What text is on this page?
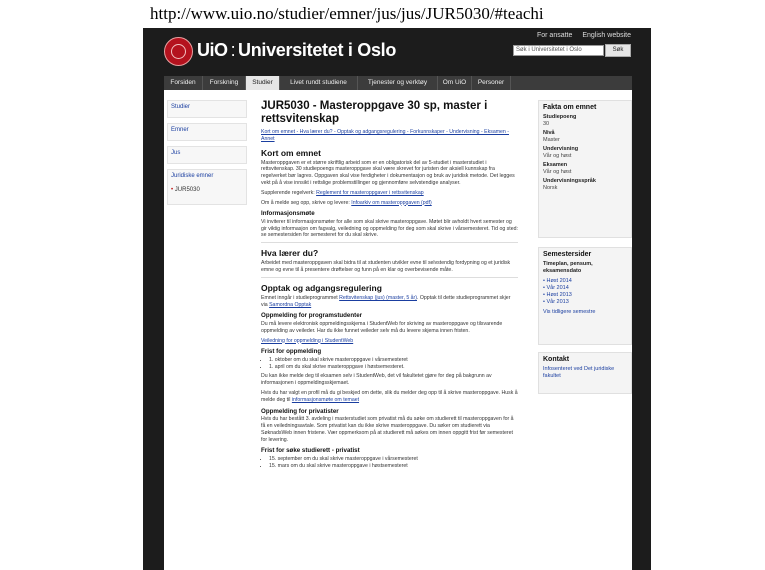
http://www.uio.no/studier/emner/jus/jus/JUR5030/#teachi
UiO : Universitetet i Oslo
For ansatte English website
Søk i Universitetet i Oslo	Søk
Forsiden	Forskning	Studier	Livet rundt studiene	Tjenester og verktøy	Om UiO	Personer
Studier
Emner
Jus
Juridiske emner
• JUR5030
JUR5030 - Masteroppgave 30 sp, master i rettsvitenskap

Kort om emnet - Hva lærer du? - Opptak og adgangsregulering - Forkunnskaper - Undervisning - Eksamen - Annet

Kort om emnet

Masteroppgaven er et større skriftlig arbeid som er en obligatorisk del av 5-studiet i masterstudiet i rettsvitenskap. 30 studiepoengs masteroppgave skal være skrevet for juristen der aksiell kunnskap fra regelverket bør lagres. Oppgaven skal vise ferdigheter i dokumentasjon og bruk av juridisk metode. Det legges vekt på å vise innsikt i rettslige problemstillinger og gjennomføre selvstendige analyser.

Supplerende regelverk: Reglement for masteroppgaver i rettsvitenskap

Om å melde seg opp, skrive og levere: Infoarkiv om masteroppgaven (pdf)

Informasjonsmøte

Vi inviterer til informasjonsmøter for alle som skal skrive masteroppgave. Møtet blir avholdt hvert semester og gir viktig informasjon om fagvalg, veiledning og oppmelding for deg som skal skrive i vårsemesteret. Tid og sted: se semestersiden for semesteret for du skal skrive.

Hva lærer du?

Arbeidet med masteroppgaven skal bidra til at studenten utvikler evne til selvstendig fordypning og et juridisk emne og evne til å presentere drøftelser og funn på en klar og overbevisende måte.

Opptak og adgangsregulering

Emnet inngår i studieprogrammet Rettsvitenskap (jus) (master, 5 år). Opptak til dette studieprogrammet skjer via Samordna Opptak

Oppmelding for programstudenter

Du må levere elektronisk oppmeldingsskjema i StudentWeb for skriving av masteroppgave og tilsvarende oppmelding av veileder. Har du ikke funnet veileder selv må du levere skjema innen fristen.

Veiledning for oppmelding i StudentWeb

Frist for oppmelding
• 1. oktober om du skal skrive masteroppgave i vårsemesteret
• 1. april om du skal skrive masteroppgave i høstsemesteret.

Du kan ikke melde deg til eksamen selv i StudentWeb, det vil fakultetet gjøre for deg på bakgrunn av informasjonen i oppmeldingsskjemaet.

Hvis du har valgt en profil må du gi beskjed om dette, slik du melder deg opp til å skrive masteroppgave. Husk å melde deg til informasjonsmøte om temaet

Oppmelding for privatister

Hvis du har bestått 3. avdeling i masterstudiet som privatist må du søke om studierett til masteroppgaven for å få en veiledningsavtale. Som privatist kan du ikke skrive masteroppgave. Du søker om studierett via SøknadsWeb innen fristene. Vær oppmerksom på at studierett må søkes om innen oppgitt frist før semesteret for levering.

Frist for søke studierett - privatist
• 15. september om du skal skrive masteroppgave i vårsemesteret
• 15. mars om du skal skrive masteroppgave i høstsemesteret
Fakta om emnet
Studiepoeng
30
Nivå
Master
Undervisning
Vår og høst
Eksamen
Vår og høst
Undervisningsspråk
Norsk
Semestersider
Timeplan, pensum, eksamensdato
• Høst 2014
• Vår 2014
• Høst 2013
• Vår 2013
Vis tidligere semestre
Kontakt
Infosenteret ved Det juridiske fakultet
